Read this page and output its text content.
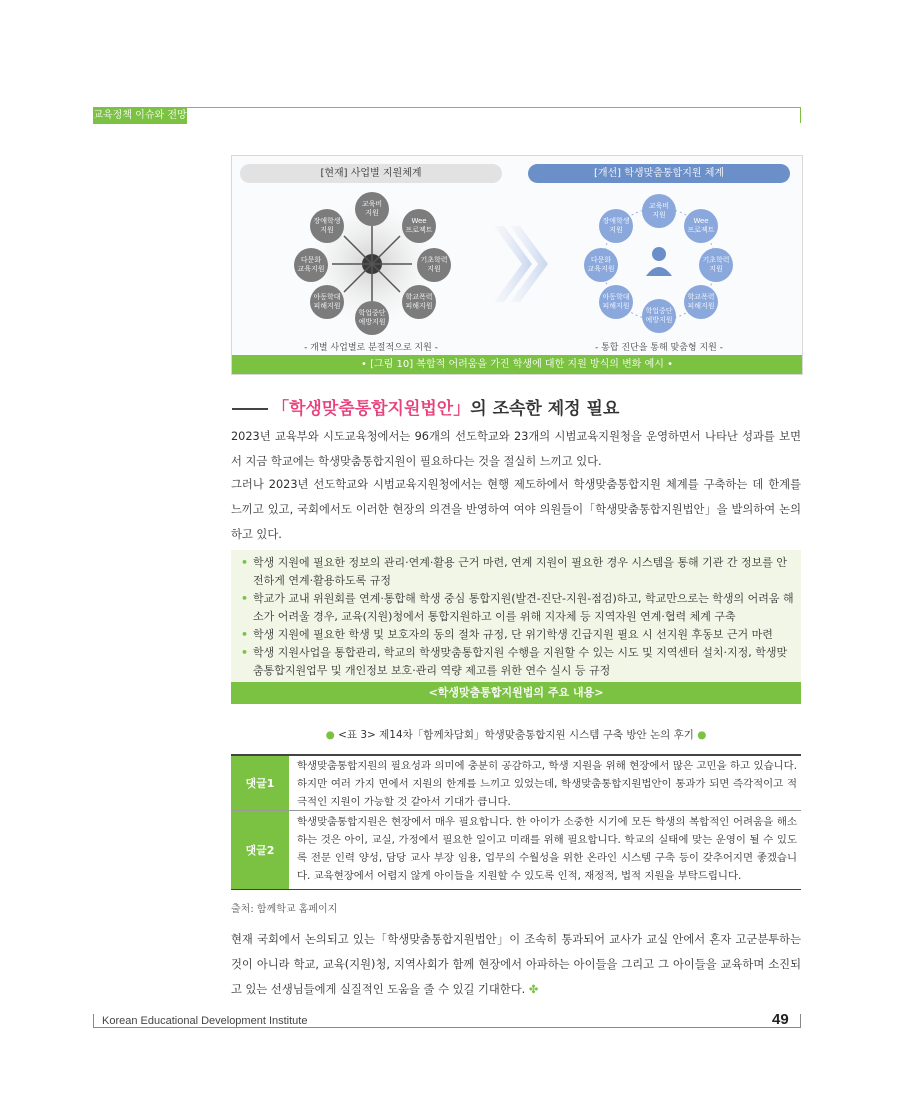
교육정책 이슈와 전망
[현재] 사업별 지원체계	[개선] 학생맞춤통합지원 체계
교육비
지원
Wee
프로젝트
기초학력
지원
학교폭력
피해지원
학업중단
예방지원
아동학대
피해지원
다문화
교육지원
장애학생
지원
교육비
지원
Wee
프로젝트
기초학력
지원
학교폭력
피해지원
학업중단
예방지원
아동학대
피해지원
다문화
교육지원
장애학생
지원
- 개별 사업별로 분절적으로 지원 -	- 통합 진단을 통해 맞춤형 지원 -
• [그림 10] 복합적 어려움을 가진 학생에 대한 지원 방식의 변화 예시 •
「학생맞춤통합지원법안」의 조속한 제정 필요
2023년 교육부와 시도교육청에서는 96개의 선도학교와 23개의 시범교육지원청을 운영하면서 나타난 성과를 보면서 지금 학교에는 학생맞춤통합지원이 필요하다는 것을 절실히 느끼고 있다.
그러나 2023년 선도학교와 시범교육지원청에서는 현행 제도하에서 학생맞춤통합지원 체계를 구축하는 데 한계를 느끼고 있고, 국회에서도 이러한 현장의 의견을 반영하여 여야 의원들이「학생맞춤통합지원법안」을 발의하여 논의하고 있다.
• 학생 지원에 필요한 정보의 관리·연계·활용 근거 마련, 연계 지원이 필요한 경우 시스템을 통해 기관 간 정보를 안전하게 연계·활용하도록 규정
• 학교가 교내 위원회를 연계·통합해 학생 중심 통합지원(발견-진단-지원-점검)하고, 학교만으로는 학생의 어려움 해소가 어려울 경우, 교육(지원)청에서 통합지원하고 이를 위해 지자체 등 지역자원 연계·협력 체계 구축
• 학생 지원에 필요한 학생 및 보호자의 동의 절차 규정, 단 위기학생 긴급지원 필요 시 선지원 후동보 근거 마련
• 학생 지원사업을 통합관리, 학교의 학생맞춤통합지원 수행을 지원할 수 있는 시도 및 지역센터 설치·지정, 학생맞춤통합지원업무 및 개인정보 보호·관리 역량 제고를 위한 연수 실시 등 규정
<학생맞춤통합지원법의 주요 내용>
● <표 3> 제14차「함께차담회」학생맞춤통합지원 시스템 구축 방안 논의 후기 ●
댓글1
학생맞춤통합지원의 필요성과 의미에 충분히 공감하고, 학생 지원을 위해 현장에서 많은 고민을 하고 있습니다. 하지만 여러 가지 면에서 지원의 한계를 느끼고 있었는데, 학생맞춤통합지원법안이 통과가 되면 즉각적이고 적극적인 지원이 가능할 것 같아서 기대가 큽니다.
댓글2
학생맞춤통합지원은 현장에서 매우 필요합니다. 한 아이가 소중한 시기에 모든 학생의 복합적인 어려움을 해소하는 것은 아이, 교실, 가정에서 필요한 일이고 미래를 위해 필요합니다. 학교의 실태에 맞는 운영이 될 수 있도록 전문 인력 양성, 담당 교사 부장 임용, 업무의 수월성을 위한 온라인 시스템 구축 등이 갖추어지면 좋겠습니다. 교육현장에서 어렵지 않게 아이들을 지원할 수 있도록 인적, 재정적, 법적 지원을 부탁드립니다.
출처: 함께학교 홈페이지
현재 국회에서 논의되고 있는「학생맞춤통합지원법안」이 조속히 통과되어 교사가 교실 안에서 혼자 고군분투하는 것이 아니라 학교, 교육(지원)청, 지역사회가 함께 현장에서 아파하는 아이들을 그리고 그 아이들을 교육하며 소진되고 있는 선생님들에게 실질적인 도움을 줄 수 있길 기대한다. ✤
Korean Educational Development Institute	49
